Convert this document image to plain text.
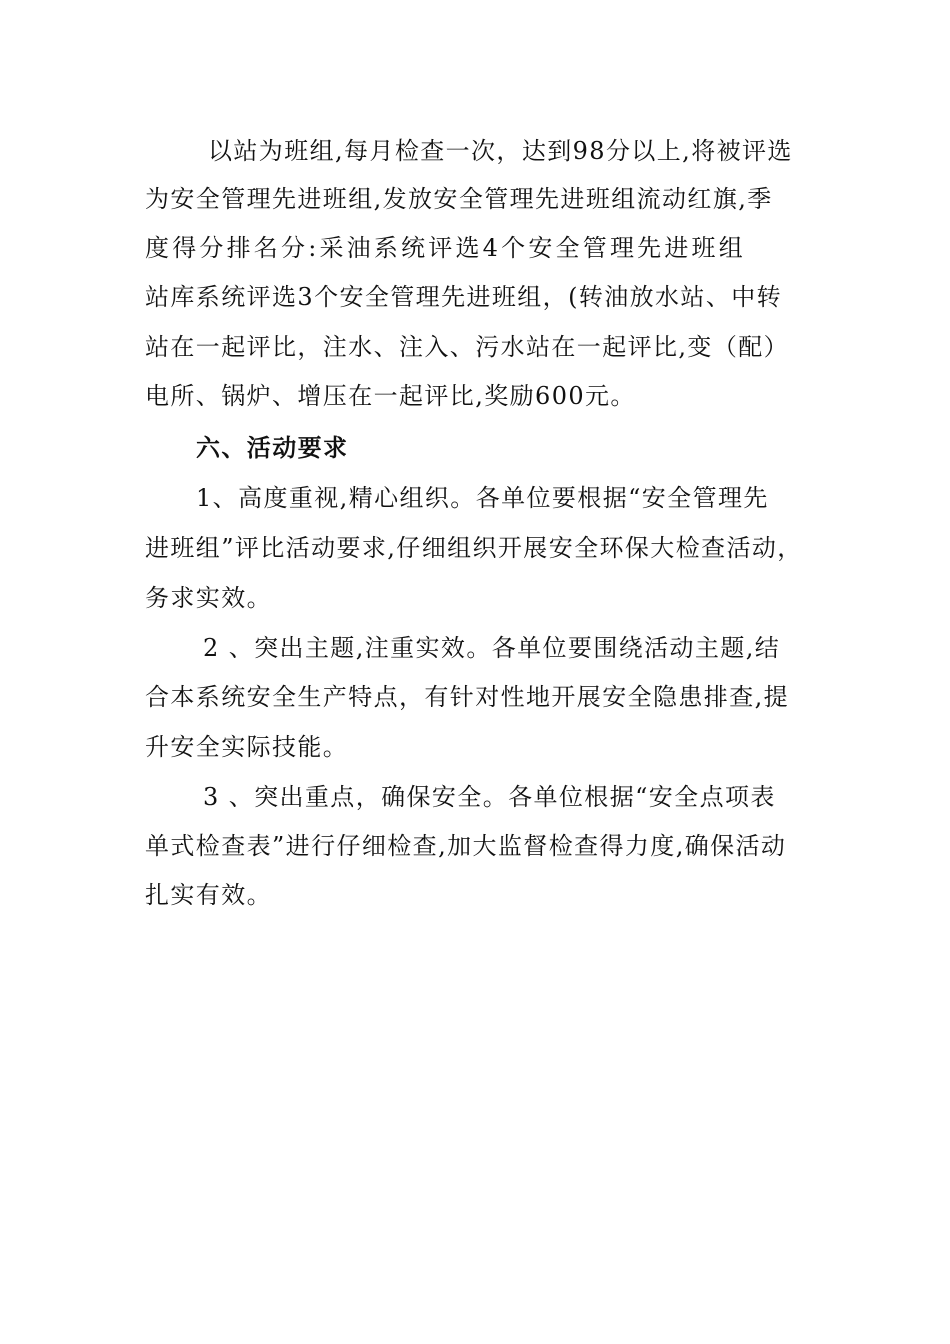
以站为班组,每月检查一次，达到98分以上,将被评选
为安全管理先进班组,发放安全管理先进班组流动红旗,季
度得分排名分:采油系统评选4个安全管理先进班组
站库系统评选3个安全管理先进班组，(转油放水站、中转
站在一起评比，注水、注入、污水站在一起评比,变（配）
电所、锅炉、增压在一起评比,奖励600元。
六、活动要求
1、高度重视,精心组织。各单位要根据“安全管理先
进班组”评比活动要求,仔细组织开展安全环保大检查活动，
务求实效。
2 、突出主题,注重实效。各单位要围绕活动主题,结
合本系统安全生产特点，有针对性地开展安全隐患排查,提
升安全实际技能。
3 、突出重点，确保安全。各单位根据“安全点项表
单式检查表”进行仔细检查,加大监督检查得力度,确保活动
扎实有效。
